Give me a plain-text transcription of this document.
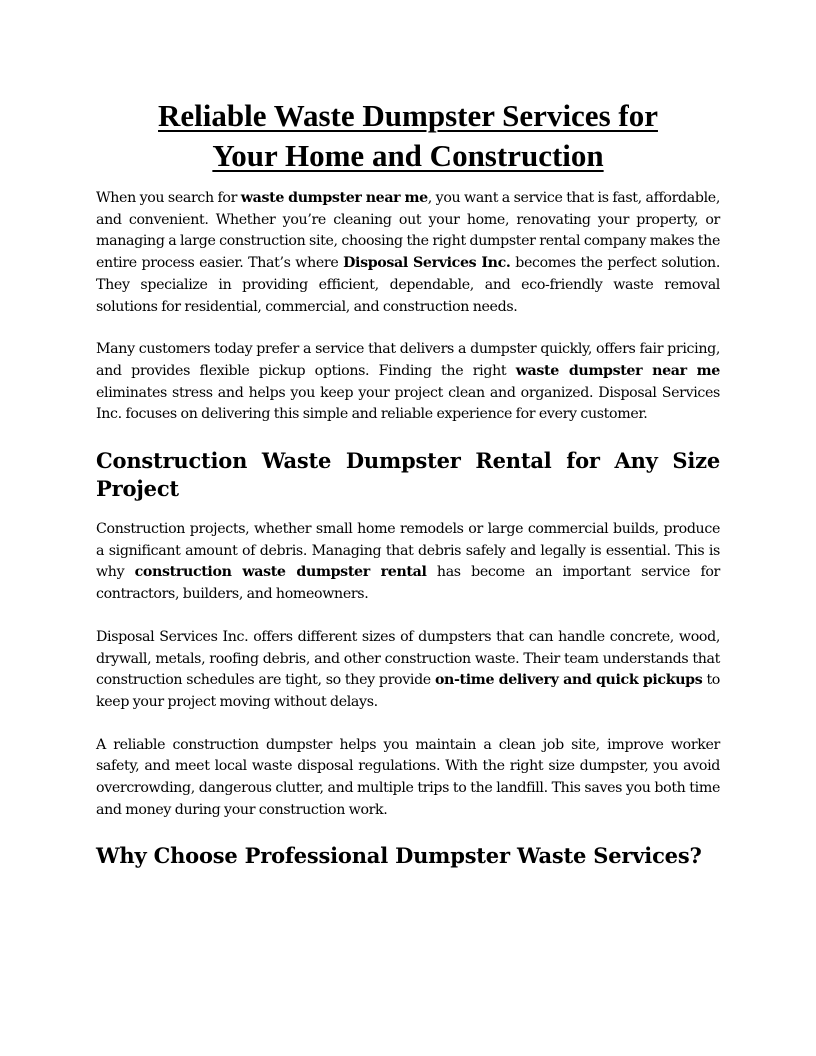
Reliable Waste Dumpster Services for
Your Home and Construction

When you search for waste dumpster near me, you want a service that is fast, affordable, and convenient. Whether you’re cleaning out your home, renovating your property, or managing a large construction site, choosing the right dumpster rental company makes the entire process easier. That’s where Disposal Services Inc. becomes the perfect solution. They specialize in providing efficient, dependable, and eco-friendly waste removal solutions for residential, commercial, and construction needs.

Many customers today prefer a service that delivers a dumpster quickly, offers fair pricing, and provides flexible pickup options. Finding the right waste dumpster near me eliminates stress and helps you keep your project clean and organized. Disposal Services Inc. focuses on delivering this simple and reliable experience for every customer.

Construction Waste Dumpster Rental for Any Size Project

Construction projects, whether small home remodels or large commercial builds, produce a significant amount of debris. Managing that debris safely and legally is essential. This is why construction waste dumpster rental has become an important service for contractors, builders, and homeowners.

Disposal Services Inc. offers different sizes of dumpsters that can handle concrete, wood, drywall, metals, roofing debris, and other construction waste. Their team understands that construction schedules are tight, so they provide on-time delivery and quick pickups to keep your project moving without delays.

A reliable construction dumpster helps you maintain a clean job site, improve worker safety, and meet local waste disposal regulations. With the right size dumpster, you avoid overcrowding, dangerous clutter, and multiple trips to the landfill. This saves you both time and money during your construction work.

Why Choose Professional Dumpster Waste Services?
